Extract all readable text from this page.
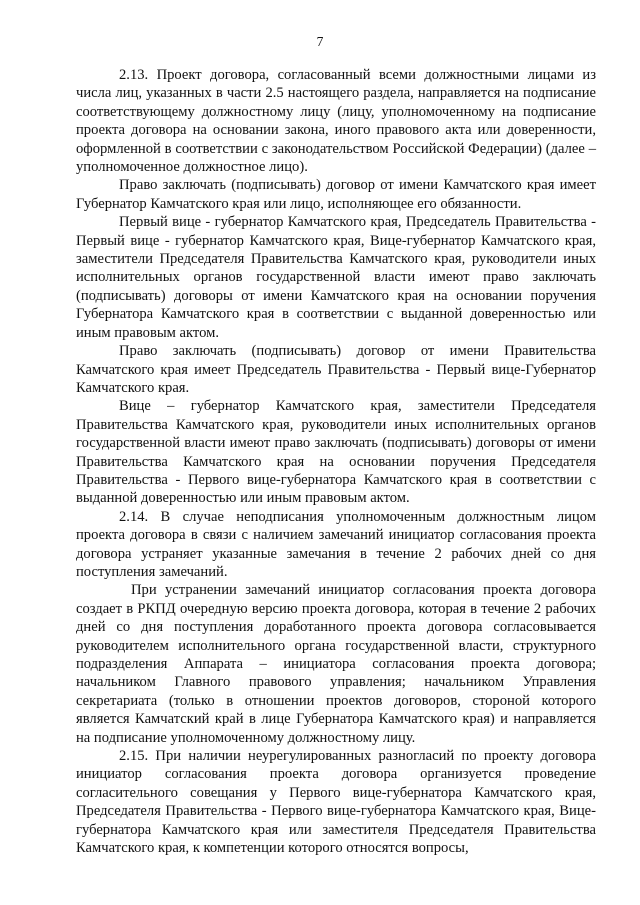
7

2.13. Проект договора, согласованный всеми должностными лицами из числа лиц, указанных в части 2.5 настоящего раздела, направляется на подписание соответствующему должностному лицу (лицу, уполномоченному на подписание проекта договора на основании закона, иного правового акта или доверенности, оформленной в соответствии с законодательством Российской Федерации) (далее – уполномоченное должностное лицо).

Право заключать (подписывать) договор от имени Камчатского края имеет Губернатор Камчатского края или лицо, исполняющее его обязанности.

Первый вице - губернатор Камчатского края, Председатель Правительства - Первый вице - губернатор Камчатского края, Вице-губернатор Камчатского края, заместители Председателя Правительства Камчатского края, руководители иных исполнительных органов государственной власти имеют право заключать (подписывать) договоры от имени Камчатского края на основании поручения Губернатора Камчатского края в соответствии с выданной доверенностью или иным правовым актом.

Право заключать (подписывать) договор от имени Правительства Камчатского края имеет Председатель Правительства - Первый вице-Губернатор Камчатского края.

Вице – губернатор Камчатского края, заместители Председателя Правительства Камчатского края, руководители иных исполнительных органов государственной власти имеют право заключать (подписывать) договоры от имени Правительства Камчатского края на основании поручения Председателя Правительства - Первого вице-губернатора Камчатского края в соответствии с выданной доверенностью или иным правовым актом.

2.14. В случае неподписания уполномоченным должностным лицом проекта договора в связи с наличием замечаний инициатор согласования проекта договора устраняет указанные замечания в течение 2 рабочих дней со дня поступления замечаний.

При устранении замечаний инициатор согласования проекта договора создает в РКПД очередную версию проекта договора, которая в течение 2 рабочих дней со дня поступления доработанного проекта договора согласовывается руководителем исполнительного органа государственной власти, структурного подразделения Аппарата – инициатора согласования проекта договора; начальником Главного правового управления; начальником Управления секретариата (только в отношении проектов договоров, стороной которого является Камчатский край в лице Губернатора Камчатского края) и направляется на подписание уполномоченному должностному лицу.

2.15. При наличии неурегулированных разногласий по проекту договора инициатор согласования проекта договора организуется проведение согласительного совещания у Первого вице-губернатора Камчатского края, Председателя Правительства - Первого вице-губернатора Камчатского края, Вице-губернатора Камчатского края или заместителя Председателя Правительства Камчатского края, к компетенции которого относятся вопросы,
